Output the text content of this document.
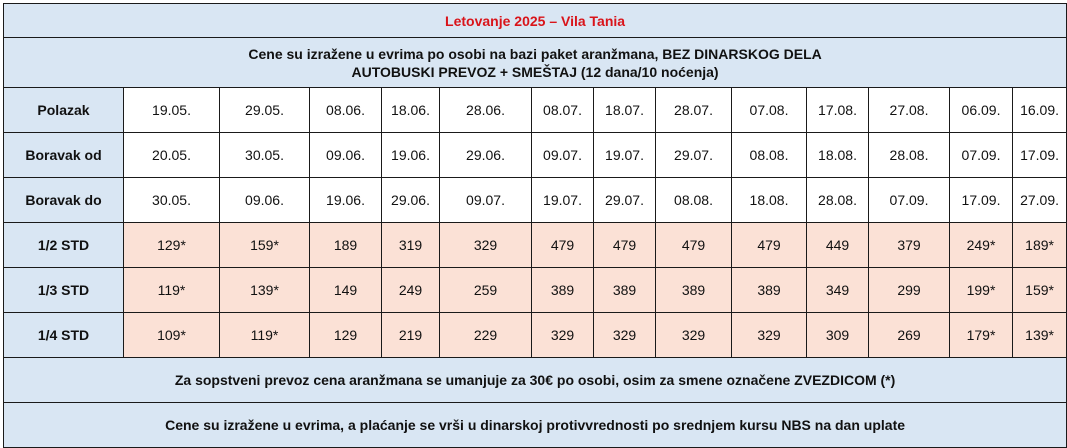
Letovanje 2025 – Vila Tania													

Cene su izražene u evrima po osobi na bazi paket aranžmana, BEZ DINARSKOG DELA
AUTOBUSKI PREVOZ + SMEŠTAJ (12 dana/10 noćenja)													

Polazak	19.05.	29.05.	08.06.	18.06.	28.06.	08.07.	18.07.	28.07.	07.08.	17.08.	27.08.	06.09.	16.09.
Boravak od	20.05.	30.05.	09.06.	19.06.	29.06.	09.07.	19.07.	29.07.	08.08.	18.08.	28.08.	07.09.	17.09.
Boravak do	30.05.	09.06.	19.06.	29.06.	09.07.	19.07.	29.07.	08.08.	18.08.	28.08.	07.09.	17.09.	27.09.
1/2 STD	129*	159*	189	319	329	479	479	479	479	449	379	249*	189*
1/3 STD	119*	139*	149	249	259	389	389	389	389	349	299	199*	159*
1/4 STD	109*	119*	129	219	229	329	329	329	329	309	269	179*	139*
Za sopstveni prevoz cena aranžmana se umanjuje za 30€ po osobi, osim za smene označene ZVEZDICOM (*)													
Cene su izražene u evrima, a plaćanje se vrši u dinarskoj protivvrednosti po srednjem kursu NBS na dan uplate													
